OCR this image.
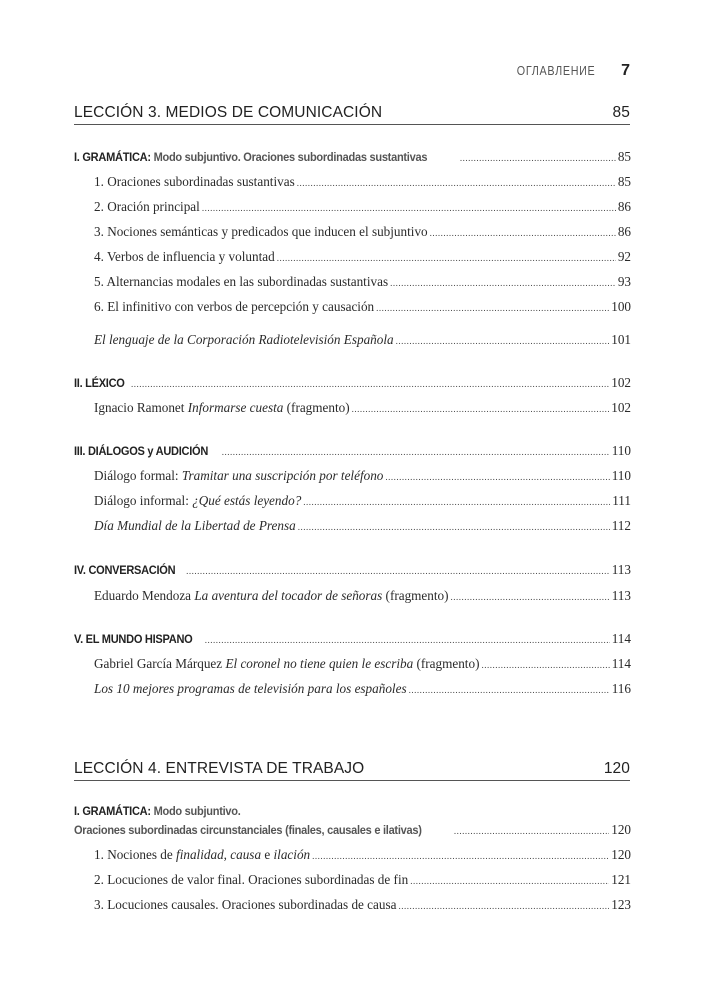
ОГЛАВЛЕНИЕ 7
LECCIÓN 3. MEDIOS DE COMUNICACIÓN	85
I. GRAMÁTICA: Modo subjuntivo. Oraciones subordinadas sustantivas .....	85
1. Oraciones subordinadas sustantivas .....	85
2. Oración principal .....	86
3. Nociones semánticas y predicados que inducen el subjuntivo .....	86
4. Verbos de influencia y voluntad .....	92
5. Alternancias modales en las subordinadas sustantivas .....	93
6. El infinitivo con verbos de percepción y causación .....	100
El lenguaje de la Corporación Radiotelevisión Española .....	101
II. LÉXICO .....	102
Ignacio Ramonet Informarse cuesta (fragmento) .....	102
III. DIÁLOGOS y AUDICIÓN .....	110
Diálogo formal: Tramitar una suscripción por teléfono .....	110
Diálogo informal: ¿Qué estás leyendo? .....	111
Día Mundial de la Libertad de Prensa .....	112
IV. CONVERSACIÓN .....	113
Eduardo Mendoza La aventura del tocador de señoras (fragmento) .....	113
V. EL MUNDO HISPANO .....	114
Gabriel García Márquez El coronel no tiene quien le escriba (fragmento) .....	114
Los 10 mejores programas de televisión para los españoles .....	116
LECCIÓN 4. ENTREVISTA DE TRABAJO	120
I. GRAMÁTICA: Modo subjuntivo.
Oraciones subordinadas circunstanciales (finales, causales e ilativas) .....	120
1. Nociones de finalidad, causa e ilación .....	120
2. Locuciones de valor final. Oraciones subordinadas de fin .....	121
3. Locuciones causales. Oraciones subordinadas de causa .....	123
